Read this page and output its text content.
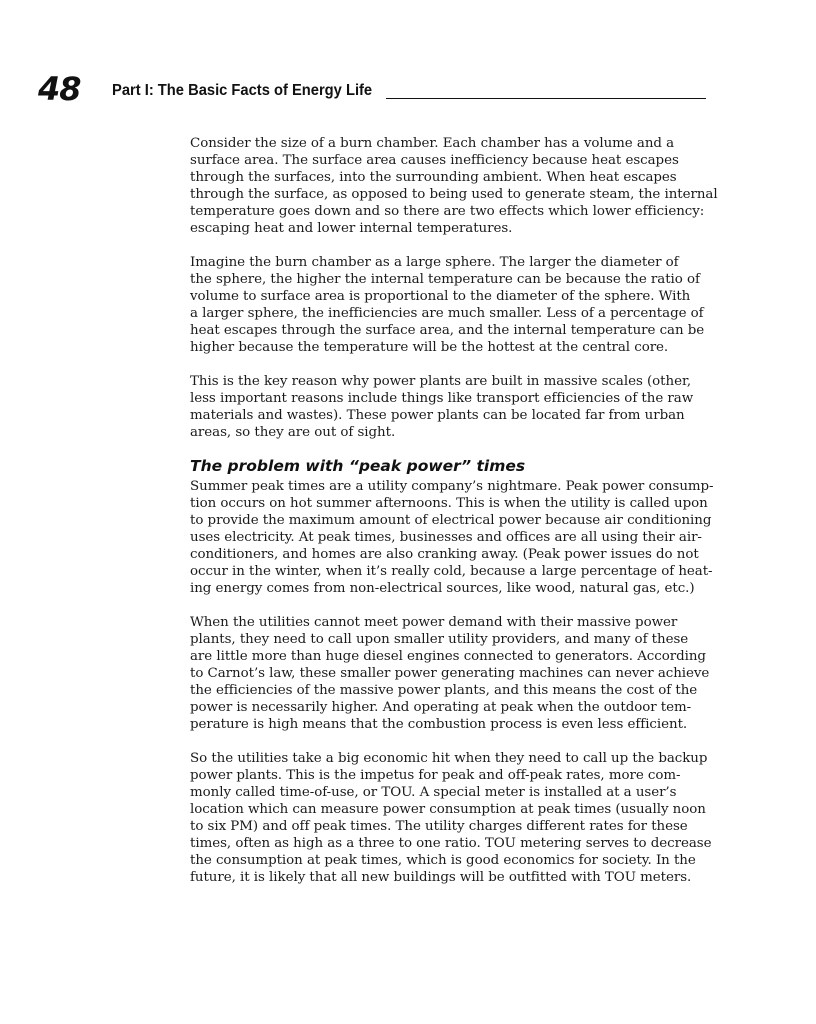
48 Part I: The Basic Facts of Energy Life

Consider the size of a burn chamber. Each chamber has a volume and a
surface area. The surface area causes inefficiency because heat escapes
through the surfaces, into the surrounding ambient. When heat escapes
through the surface, as opposed to being used to generate steam, the internal
temperature goes down and so there are two effects which lower efficiency:
escaping heat and lower internal temperatures.

Imagine the burn chamber as a large sphere. The larger the diameter of
the sphere, the higher the internal temperature can be because the ratio of
volume to surface area is proportional to the diameter of the sphere. With
a larger sphere, the inefficiencies are much smaller. Less of a percentage of
heat escapes through the surface area, and the internal temperature can be
higher because the temperature will be the hottest at the central core.

This is the key reason why power plants are built in massive scales (other,
less important reasons include things like transport efficiencies of the raw
materials and wastes). These power plants can be located far from urban
areas, so they are out of sight.

The problem with “peak power” times

Summer peak times are a utility company’s nightmare. Peak power consump-
tion occurs on hot summer afternoons. This is when the utility is called upon
to provide the maximum amount of electrical power because air conditioning
uses electricity. At peak times, businesses and offices are all using their air-
conditioners, and homes are also cranking away. (Peak power issues do not
occur in the winter, when it’s really cold, because a large percentage of heat-
ing energy comes from non-electrical sources, like wood, natural gas, etc.)

When the utilities cannot meet power demand with their massive power
plants, they need to call upon smaller utility providers, and many of these
are little more than huge diesel engines connected to generators. According
to Carnot’s law, these smaller power generating machines can never achieve
the efficiencies of the massive power plants, and this means the cost of the
power is necessarily higher. And operating at peak when the outdoor tem-
perature is high means that the combustion process is even less efficient.

So the utilities take a big economic hit when they need to call up the backup
power plants. This is the impetus for peak and off-peak rates, more com-
monly called time-of-use, or TOU. A special meter is installed at a user’s
location which can measure power consumption at peak times (usually noon
to six PM) and off peak times. The utility charges different rates for these
times, often as high as a three to one ratio. TOU metering serves to decrease
the consumption at peak times, which is good economics for society. In the
future, it is likely that all new buildings will be outfitted with TOU meters.
